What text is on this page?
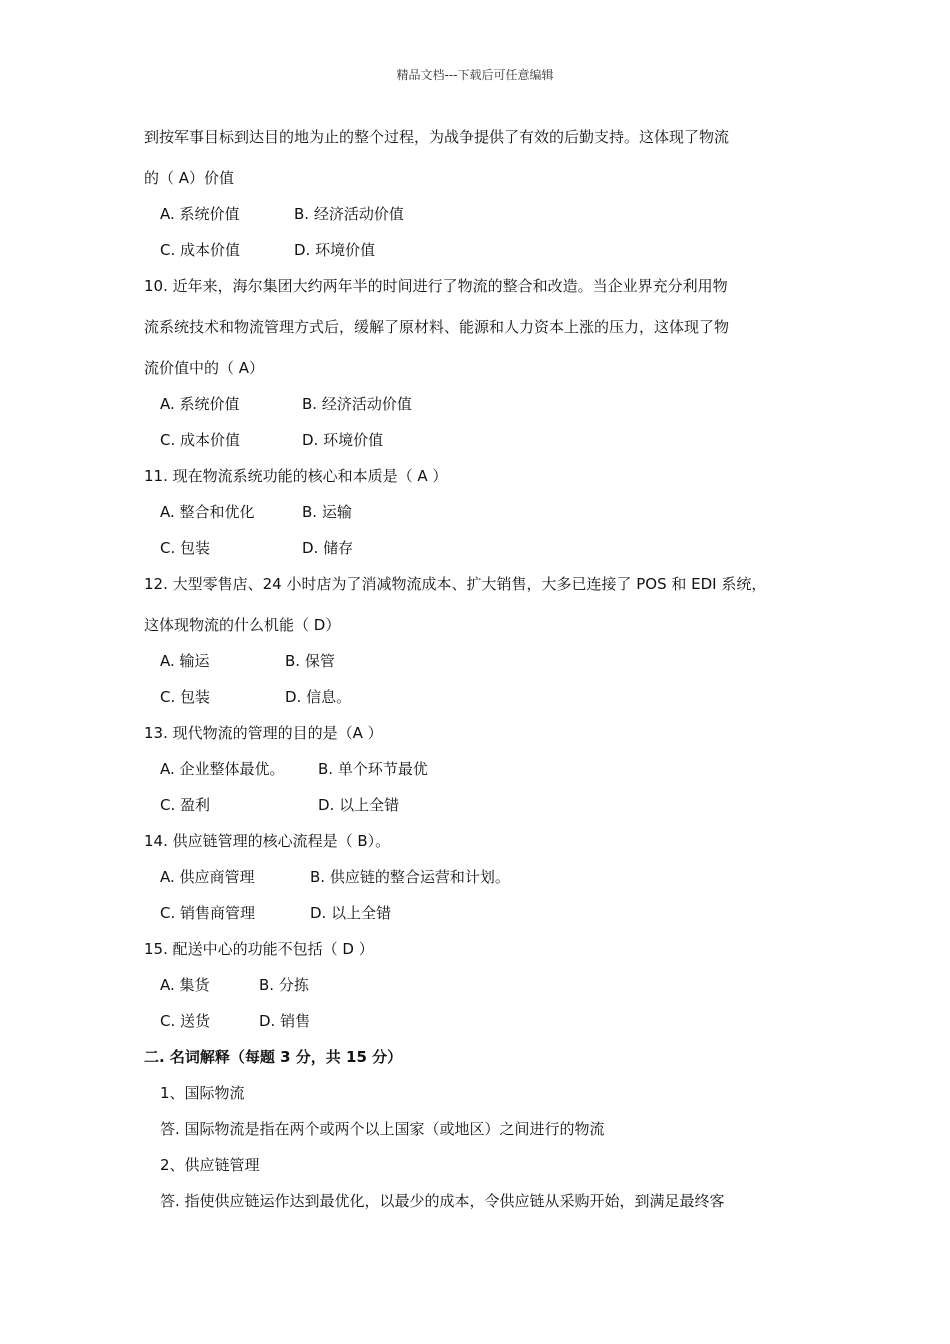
精品文档---下载后可任意编辑
到按军事目标到达目的地为止的整个过程，为战争提供了有效的后勤支持。这体现了物流
的（ A）价值
A. 系统价值	B. 经济活动价值
C. 成本价值	D. 环境价值
10. 近年来，海尔集团大约两年半的时间进行了物流的整合和改造。当企业界充分利用物
流系统技术和物流管理方式后，缓解了原材料、能源和人力资本上涨的压力，这体现了物
流价值中的（ A）
A. 系统价值	B. 经济活动价值
C. 成本价值	D. 环境价值
11. 现在物流系统功能的核心和本质是（ A ）
A. 整合和优化	B. 运输
C. 包装	D. 储存
12. 大型零售店、24 小时店为了消减物流成本、扩大销售，大多已连接了 POS 和 EDI 系统，
这体现物流的什么机能（ D）
A. 输运	B. 保管
C. 包装	D. 信息。
13. 现代物流的管理的目的是（A ）
A. 企业整体最优。 B. 单个环节最优
C. 盈利	D. 以上全错
14. 供应链管理的核心流程是（ B）。
A. 供应商管理	B. 供应链的整合运营和计划。
C. 销售商管理	D. 以上全错
15. 配送中心的功能不包括（ D ）
A. 集货	B. 分拣
C. 送货	D. 销售
二. 名词解释（每题 3 分，共 15 分）
1、国际物流
答. 国际物流是指在两个或两个以上国家（或地区）之间进行的物流
2、供应链管理
答. 指使供应链运作达到最优化，以最少的成本，令供应链从采购开始，到满足最终客
